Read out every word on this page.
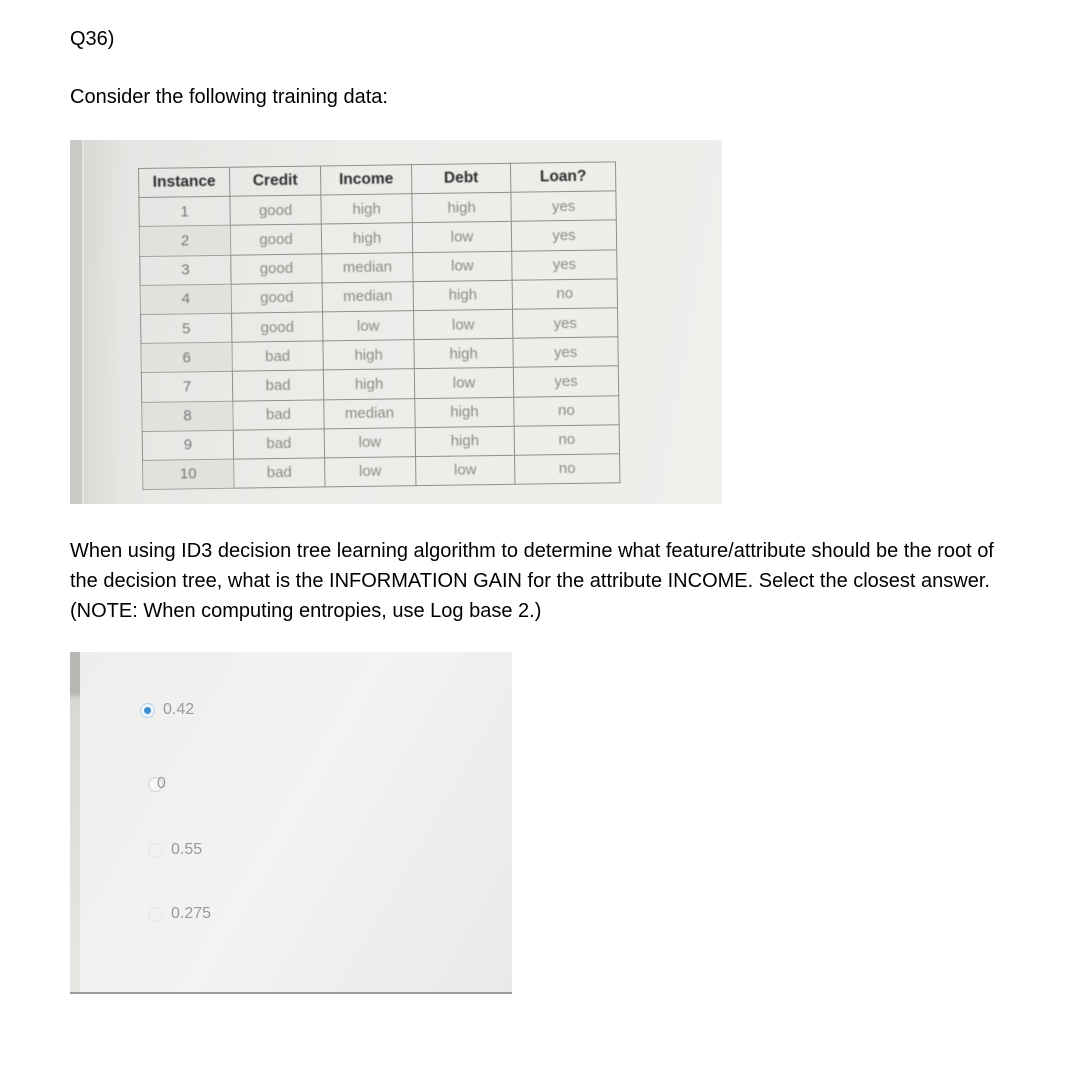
Q36)
Consider the following training data:
Instance	Credit	Income	Debt	Loan?
1	good	high	high	yes
2	good	high	low	yes
3	good	median	low	yes
4	good	median	high	no
5	good	low	low	yes
6	bad	high	high	yes
7	bad	high	low	yes
8	bad	median	high	no
9	bad	low	high	no
10	bad	low	low	no
When using ID3 decision tree learning algorithm to determine what feature/attribute should be the root of the decision tree, what is the INFORMATION GAIN for the attribute INCOME. Select the closest answer. (NOTE: When computing entropies, use Log base 2.)
0.42
0
0.55
0.275
